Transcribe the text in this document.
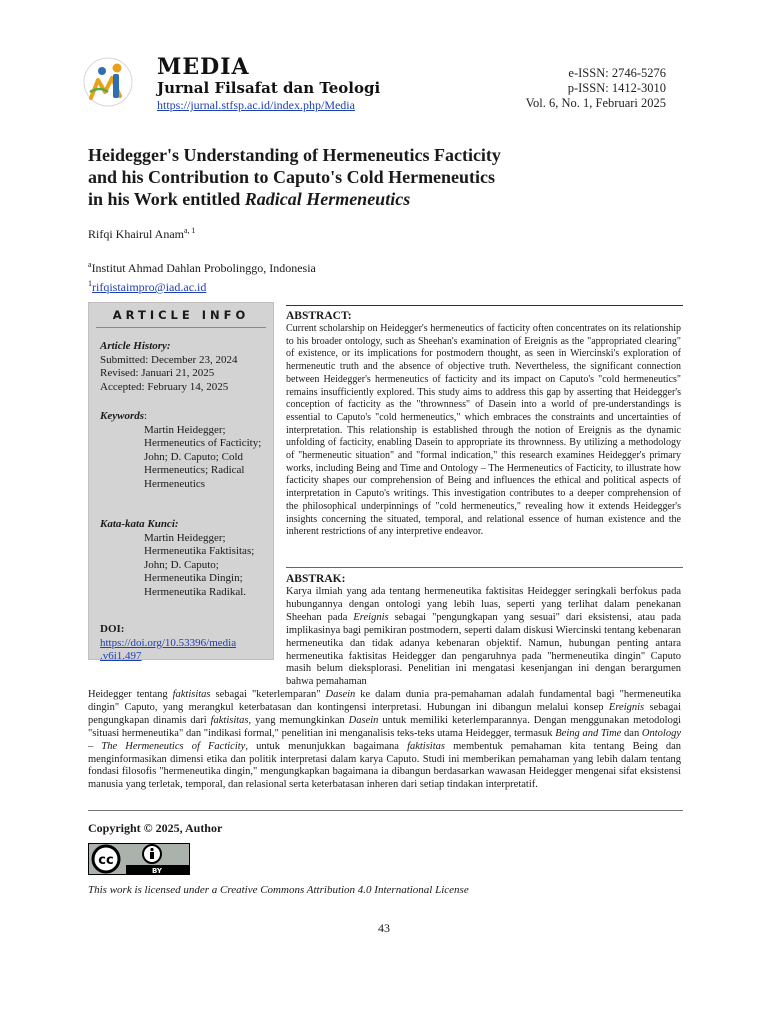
MEDIA
Jurnal Filsafat dan Teologi
https://jurnal.stfsp.ac.id/index.php/Media
e-ISSN: 2746-5276
p-ISSN: 1412-3010
Vol. 6, No. 1, Februari 2025
Heidegger's Understanding of Hermeneutics Facticity
and his Contribution to Caputo's Cold Hermeneutics
in his Work entitled Radical Hermeneutics
Rifqi Khairul Anam$^{a, 1}$
$^a$Institut Ahmad Dahlan Probolinggo, Indonesia
$^1$rifqistaimpro@iad.ac.id
ARTICLE INFO
Article History:
Submitted: December 23, 2024
Revised: Januari 21, 2025
Accepted: February 14, 2025
Keywords:
Martin Heidegger; Hermeneutics of Facticity; John; D. Caputo; Cold Hermeneutics; Radical Hermeneutics
Kata-kata Kunci:
Martin Heidegger; Hermeneutika Faktisitas; John; D. Caputo; Hermeneutika Dingin; Hermeneutika Radikal.
DOI:
https://doi.org/10.53396/media
.v6i1.497
ABSTRACT:
Current scholarship on Heidegger's hermeneutics of facticity often concentrates on its relationship to his broader ontology, such as Sheehan's examination of Ereignis as the "appropriated clearing" of existence, or its implications for postmodern thought, as seen in Wiercinski's exploration of hermeneutic truth and the absence of objective truth. Nevertheless, the significant connection between Heidegger's hermeneutics of facticity and its impact on Caputo's "cold hermeneutics" remains insufficiently explored. This study aims to address this gap by asserting that Heidegger's conception of facticity as the "thrownness" of Dasein into a world of pre-understandings is essential to Caputo's "cold hermeneutics," which embraces the constraints and uncertainties of interpretation. This relationship is established through the notion of Ereignis as the dynamic unfolding of facticity, enabling Dasein to appropriate its thrownness. By utilizing a methodology of "hermeneutic situation" and "formal indication," this research examines Heidegger's primary works, including Being and Time and Ontology – The Hermeneutics of Facticity, to illustrate how facticity shapes our comprehension of Being and influences the ethical and political aspects of interpretation in Caputo's writings. This investigation contributes to a deeper comprehension of the philosophical underpinnings of "cold hermeneutics," revealing how it extends Heidegger's insights concerning the situated, temporal, and relational essence of human existence and the inherent restrictions of any interpretive endeavor.
ABSTRAK:
Karya ilmiah yang ada tentang hermeneutika faktisitas Heidegger seringkali berfokus pada hubungannya dengan ontologi yang lebih luas, seperti yang terlihat dalam penekanan Sheehan pada Ereignis sebagai "pengungkapan yang sesuai" dari eksistensi, atau pada implikasinya bagi pemikiran postmodern, seperti dalam diskusi Wiercinski tentang kebenaran hermeneutika dan tidak adanya kebenaran objektif. Namun, hubungan penting antara hermeneutika faktisitas Heidegger dan pengaruhnya pada "hermeneutika dingin" Caputo masih belum dieksplorasi. Penelitian ini mengatasi kesenjangan ini dengan berargumen bahwa pemahaman
Heidegger tentang faktisitas sebagai "keterlemparan" Dasein ke dalam dunia pra-pemahaman adalah fundamental bagi "hermeneutika dingin" Caputo, yang merangkul keterbatasan dan kontingensi interpretasi. Hubungan ini dibangun melalui konsep Ereignis sebagai pengungkapan dinamis dari faktisitas, yang memungkinkan Dasein untuk memiliki keterlemparannya. Dengan menggunakan metodologi "situasi hermeneutika" dan "indikasi formal," penelitian ini menganalisis teks-teks utama Heidegger, termasuk Being and Time dan Ontology – The Hermeneutics of Facticity, untuk menunjukkan bagaimana faktisitas membentuk pemahaman kita tentang Being dan menginformasikan dimensi etika dan politik interpretasi dalam karya Caputo. Studi ini memberikan pemahaman yang lebih dalam tentang fondasi filosofis "hermeneutika dingin," mengungkapkan bagaimana ia dibangun berdasarkan wawasan Heidegger mengenai sifat eksistensi manusia yang terletak, temporal, dan relasional serta keterbatasan inheren dari setiap tindakan interpretatif.
Copyright © 2025, Author
cc
BY
This work is licensed under a Creative Commons Attribution 4.0 International License
43
